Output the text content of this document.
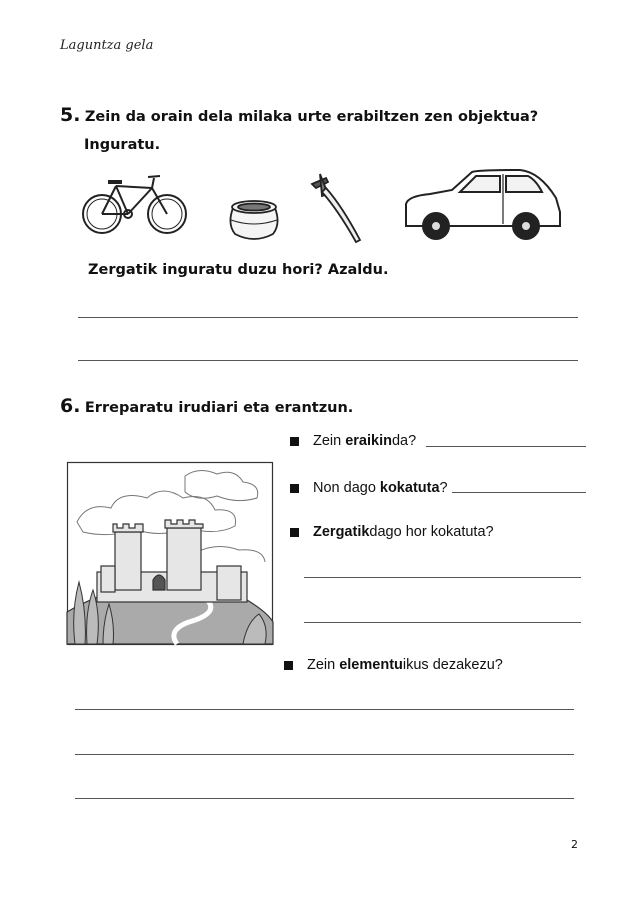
Laguntza gela
5. Zein da orain dela milaka urte erabiltzen zen objektua?
Inguratu.
Zergatik inguratu duzu hori? Azaldu.
6. Erreparatu irudiari eta erantzun.
Zein eraikin da?
Non dago kokatuta ?
Zergatik dago hor kokatuta?
Zein elementu ikus dezakezu?
2
